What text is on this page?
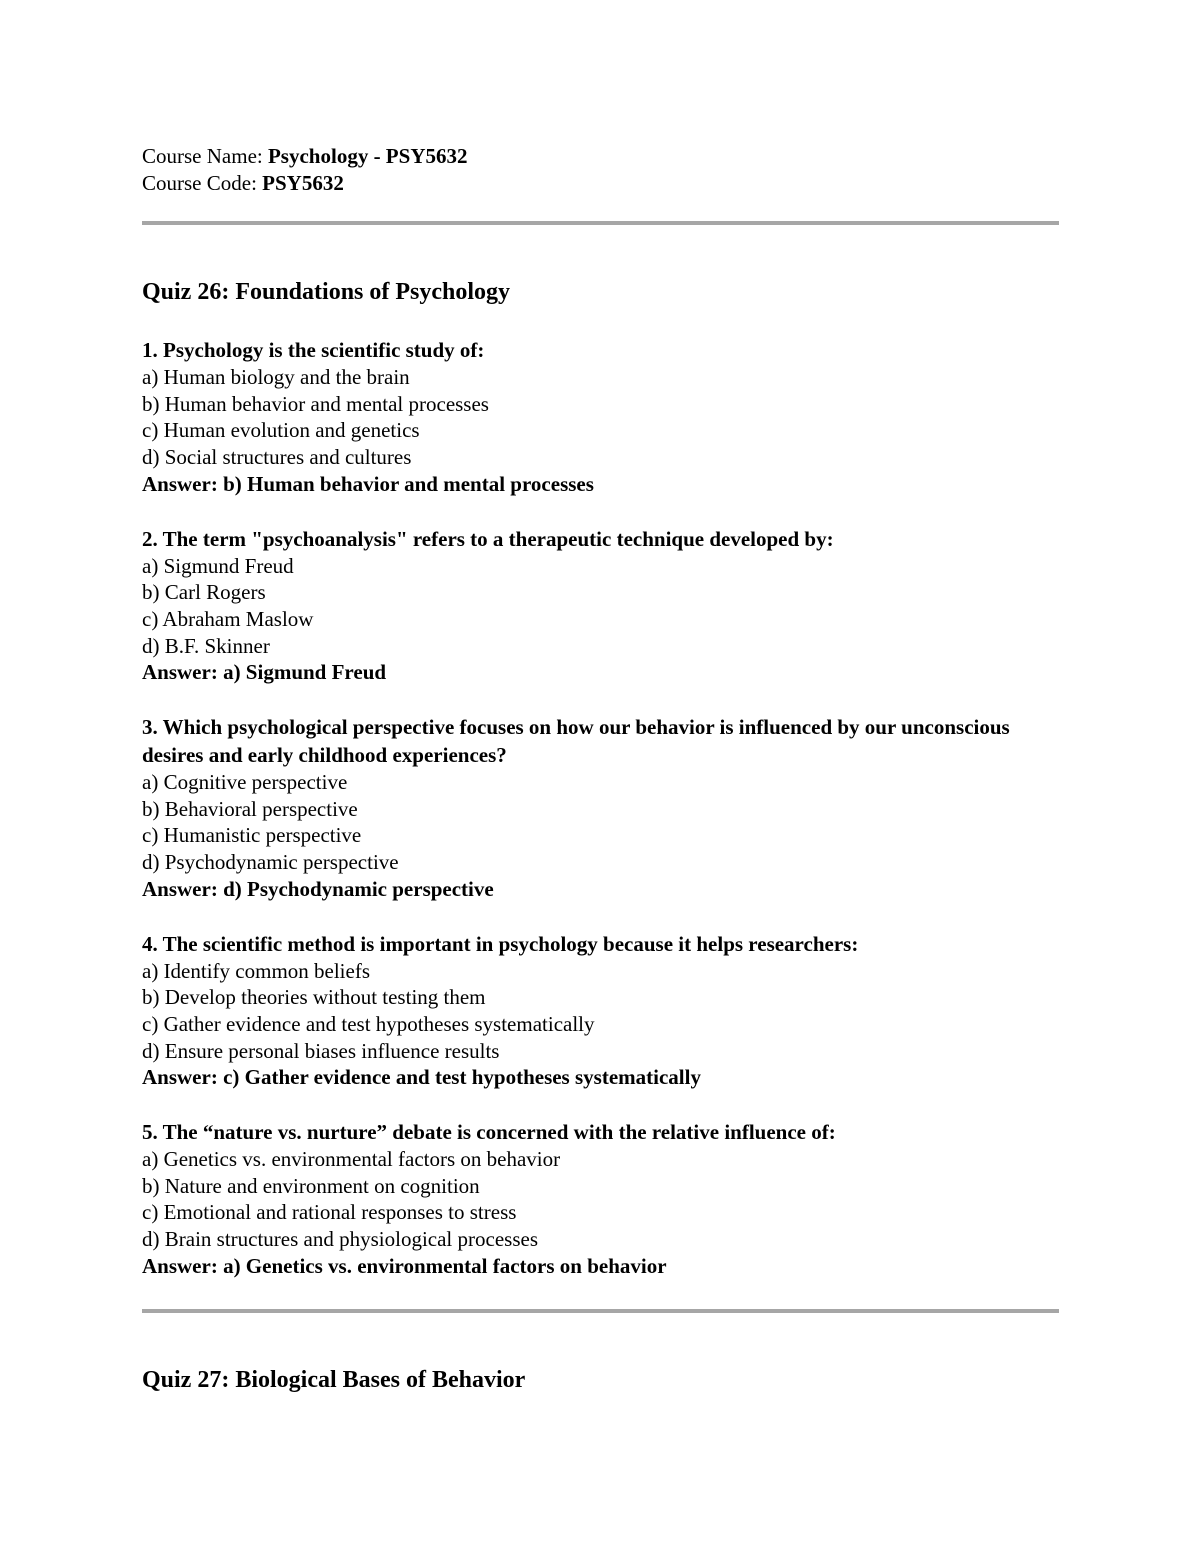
Course Name: Psychology - PSY5632
Course Code: PSY5632
Quiz 26: Foundations of Psychology
1. Psychology is the scientific study of:
a) Human biology and the brain
b) Human behavior and mental processes
c) Human evolution and genetics
d) Social structures and cultures
Answer: b) Human behavior and mental processes
2. The term "psychoanalysis" refers to a therapeutic technique developed by:
a) Sigmund Freud
b) Carl Rogers
c) Abraham Maslow
d) B.F. Skinner
Answer: a) Sigmund Freud
3. Which psychological perspective focuses on how our behavior is influenced by our unconscious desires and early childhood experiences?
a) Cognitive perspective
b) Behavioral perspective
c) Humanistic perspective
d) Psychodynamic perspective
Answer: d) Psychodynamic perspective
4. The scientific method is important in psychology because it helps researchers:
a) Identify common beliefs
b) Develop theories without testing them
c) Gather evidence and test hypotheses systematically
d) Ensure personal biases influence results
Answer: c) Gather evidence and test hypotheses systematically
5. The “nature vs. nurture” debate is concerned with the relative influence of:
a) Genetics vs. environmental factors on behavior
b) Nature and environment on cognition
c) Emotional and rational responses to stress
d) Brain structures and physiological processes
Answer: a) Genetics vs. environmental factors on behavior
Quiz 27: Biological Bases of Behavior
